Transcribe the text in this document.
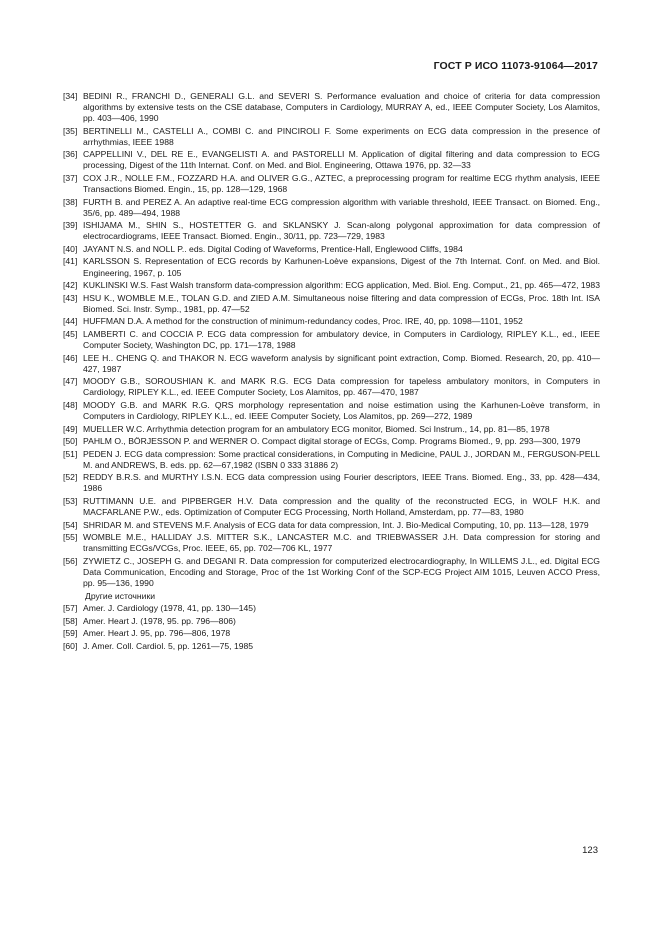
ГОСТ Р ИСО 11073-91064—2017
[34] BEDINI R., FRANCHI D., GENERALI G.L. and SEVERI S. Performance evaluation and choice of criteria for data compression algorithms by extensive tests on the CSE database, Computers in Cardiology, MURRAY A, ed., IEEE Computer Society, Los Alamitos, pp. 403—406, 1990
[35] BERTINELLI M., CASTELLI A., COMBI C. and PINCIROLI F. Some experiments on ECG data compression in the presence of arrhythmias, IEEE 1988
[36] CAPPELLINI V., DEL RE E., EVANGELISTI A. and PASTORELLI M. Application of digital filtering and data compression to ECG processing, Digest of the 11th Internat. Conf. on Med. and Biol. Engineering, Ottawa 1976, pp. 32—33
[37] COX J.R., NOLLE F.M., FOZZARD H.A. and OLIVER G.G., AZTEC, a preprocessing program for realtime ECG rhythm analysis, IEEE Transactions Biomed. Engin., 15, pp. 128—129, 1968
[38] FURTH B. and PEREZ A. An adaptive real-time ECG compression algorithm with variable threshold, IEEE Transact. on Biomed. Eng., 35/6, pp. 489—494, 1988
[39] ISHIJAMA M., SHIN S., HOSTETTER G. and SKLANSKY J. Scan-along polygonal approximation for data compression of electrocardiograms, IEEE Transact. Biomed. Engin., 30/11, pp. 723—729, 1983
[40] JAYANT N.S. and NOLL P.. eds. Digital Coding of Waveforms, Prentice-Hall, Englewood Cliffs, 1984
[41] KARLSSON S. Representation of ECG records by Karhunen-Loève expansions, Digest of the 7th Internat. Conf. on Med. and Biol. Engineering, 1967, p. 105
[42] KUKLINSKI W.S. Fast Walsh transform data-compression algorithm: ECG application, Med. Biol. Eng. Comput., 21, pp. 465—472, 1983
[43] HSU K., WOMBLE M.E., TOLAN G.D. and ZIED A.M. Simultaneous noise filtering and data compression of ECGs, Proc. 18th Int. ISA Biomed. Sci. Instr. Symp., 1981, pp. 47—52
[44] HUFFMAN D.A. A method for the construction of minimum-redundancy codes, Proc. IRE, 40, pp. 1098—1101, 1952
[45] LAMBERTI C. and COCCIA P. ECG data compression for ambulatory device, in Computers in Cardiology, RIPLEY K.L., ed., IEEE Computer Society, Washington DC, pp. 171—178, 1988
[46] LEE H.. CHENG Q. and THAKOR N. ECG waveform analysis by significant point extraction, Comp. Biomed. Research, 20, pp. 410—427, 1987
[47] MOODY G.B., SOROUSHIAN K. and MARK R.G. ECG Data compression for tapeless ambulatory monitors, in Computers in Cardiology, RIPLEY K.L., ed. IEEE Computer Society, Los Alamitos, pp. 467—470, 1987
[48] MOODY G.B. and MARK R.G. QRS morphology representation and noise estimation using the Karhunen-Loève transform, in Computers in Cardiology, RIPLEY K.L., ed. IEEE Computer Society, Los Alamitos, pp. 269—272, 1989
[49] MUELLER W.C. Arrhythmia detection program for an ambulatory ECG monitor, Biomed. Sci Instrum., 14, pp. 81—85, 1978
[50] PAHLM O., BÖRJESSON P. and WERNER O. Compact digital storage of ECGs, Comp. Programs Biomed., 9, pp. 293—300, 1979
[51] PEDEN J. ECG data compression: Some practical considerations, in Computing in Medicine, PAUL J., JORDAN M., FERGUSON-PELL M. and ANDREWS, B. eds. pp. 62—67,1982 (ISBN 0 333 31886 2)
[52] REDDY B.R.S. and MURTHY I.S.N. ECG data compression using Fourier descriptors, IEEE Trans. Biomed. Eng., 33, pp. 428—434, 1986
[53] RUTTIMANN U.E. and PIPBERGER H.V. Data compression and the quality of the reconstructed ECG, in WOLF H.K. and MACFARLANE P.W., eds. Optimization of Computer ECG Processing, North Holland, Amsterdam, pp. 77—83, 1980
[54] SHRIDAR M. and STEVENS M.F. Analysis of ECG data for data compression, Int. J. Bio-Medical Computing, 10, pp. 113—128, 1979
[55] WOMBLE M.E., HALLIDAY J.S. MITTER S.K., LANCASTER M.C. and TRIEBWASSER J.H. Data compression for storing and transmitting ECGs/VCGs, Proc. IEEE, 65, pp. 702—706 KL, 1977
[56] ZYWIETZ C., JOSEPH G. and DEGANI R. Data compression for computerized electrocardiography, In WILLEMS J.L., ed. Digital ECG Data Communication, Encoding and Storage, Proc of the 1st Working Conf of the SCP-ECG Project AIM 1015, Leuven ACCO Press, pp. 95—136, 1990
Другие источники
[57] Amer. J. Cardiology (1978, 41, pp. 130—145)
[58] Amer. Heart J. (1978, 95. pp. 796—806)
[59] Amer. Heart J. 95, pp. 796—806, 1978
[60] J. Amer. Coll. Cardiol. 5, pp. 1261—75, 1985
123
